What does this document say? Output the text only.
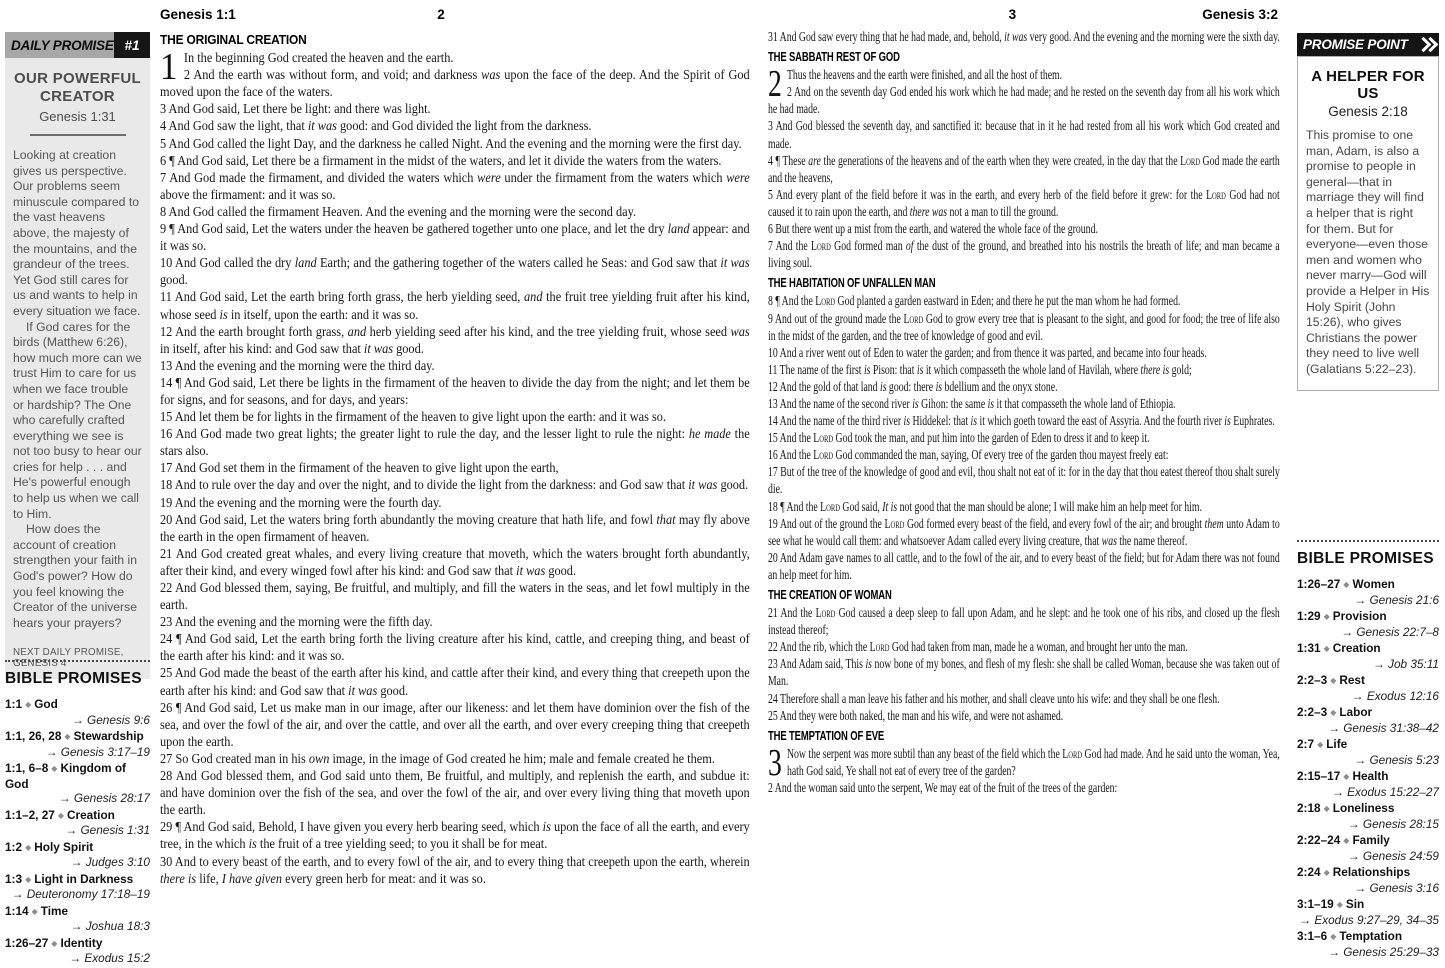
DAILY PROMISE #1
OUR POWERFUL CREATOR
Genesis 1:31

Looking at creation gives us perspective. Our problems seem minuscule compared to the vast heavens above, the majesty of the mountains, and the grandeur of the trees. Yet God still cares for us and wants to help in every situation we face.

If God cares for the birds (Matthew 6:26), how much more can we trust Him to care for us when we face trouble or hardship? The One who carefully crafted everything we see is not too busy to hear our cries for help . . . and He's powerful enough to help us when we call to Him.

How does the account of creation strengthen your faith in God's power? How do you feel knowing the Creator of the universe hears your prayers?

NEXT DAILY PROMISE, GENESIS 4
BIBLE PROMISES
1:1 ◆ God
→ Genesis 9:6
1:1, 26, 28 ◆ Stewardship
→ Genesis 3:17–19
1:1, 6–8 ◆ Kingdom of God
→ Genesis 28:17
1:1–2, 27 ◆ Creation
→ Genesis 1:31
1:2 ◆ Holy Spirit
→ Judges 3:10
1:3 ◆ Light in Darkness
→ Deuteronomy 17:18–19
1:14 ◆ Time
→ Joshua 18:3
1:26–27 ◆ Identity
→ Exodus 15:2
Genesis 1:1	2
THE ORIGINAL CREATION
1 In the beginning God created the heaven and the earth.

2 And the earth was without form, and void; and darkness was upon the face of the deep. And the Spirit of God moved upon the face of the waters.

3 And God said, Let there be light: and there was light.

4 And God saw the light, that it was good: and God divided the light from the darkness.

5 And God called the light Day, and the darkness he called Night. And the evening and the morning were the first day.

6 ¶ And God said, Let there be a firmament in the midst of the waters, and let it divide the waters from the waters.

7 And God made the firmament, and divided the waters which were under the firmament from the waters which were above the firmament: and it was so.

8 And God called the firmament Heaven. And the evening and the morning were the second day.

9 ¶ And God said, Let the waters under the heaven be gathered together unto one place, and let the dry land appear: and it was so.

10 And God called the dry land Earth; and the gathering together of the waters called he Seas: and God saw that it was good.

11 And God said, Let the earth bring forth grass, the herb yielding seed, and the fruit tree yielding fruit after his kind, whose seed is in itself, upon the earth: and it was so.

12 And the earth brought forth grass, and herb yielding seed after his kind, and the tree yielding fruit, whose seed was in itself, after his kind: and God saw that it was good.

13 And the evening and the morning were the third day.

14 ¶ And God said, Let there be lights in the firmament of the heaven to divide the day from the night; and let them be for signs, and for seasons, and for days, and years:

15 And let them be for lights in the firmament of the heaven to give light upon the earth: and it was so.

16 And God made two great lights; the greater light to rule the day, and the lesser light to rule the night: he made the stars also.

17 And God set them in the firmament of the heaven to give light upon the earth,

18 And to rule over the day and over the night, and to divide the light from the darkness: and God saw that it was good.

19 And the evening and the morning were the fourth day.

20 And God said, Let the waters bring forth abundantly the moving creature that hath life, and fowl that may fly above the earth in the open firmament of heaven.

21 And God created great whales, and every living creature that moveth, which the waters brought forth abundantly, after their kind, and every winged fowl after his kind: and God saw that it was good.

22 And God blessed them, saying, Be fruitful, and multiply, and fill the waters in the seas, and let fowl multiply in the earth.

23 And the evening and the morning were the fifth day.

24 ¶ And God said, Let the earth bring forth the living creature after his kind, cattle, and creeping thing, and beast of the earth after his kind: and it was so.

25 And God made the beast of the earth after his kind, and cattle after their kind, and every thing that creepeth upon the earth after his kind: and God saw that it was good.

26 ¶ And God said, Let us make man in our image, after our likeness: and let them have dominion over the fish of the sea, and over the fowl of the air, and over the cattle, and over all the earth, and over every creeping thing that creepeth upon the earth.

27 So God created man in his own image, in the image of God created he him; male and female created he them.

28 And God blessed them, and God said unto them, Be fruitful, and multiply, and replenish the earth, and subdue it: and have dominion over the fish of the sea, and over the fowl of the air, and over every living thing that moveth upon the earth.

29 ¶ And God said, Behold, I have given you every herb bearing seed, which is upon the face of all the earth, and every tree, in the which is the fruit of a tree yielding seed; to you it shall be for meat.

30 And to every beast of the earth, and to every fowl of the air, and to every thing that creepeth upon the earth, wherein there is life, I have given every green herb for meat: and it was so.

3	Genesis 3:2

31 And God saw every thing that he had made, and, behold, it was very good. And the evening and the morning were the sixth day.

THE SABBATH REST OF GOD
2 Thus the heavens and the earth were finished, and all the host of them.

2 And on the seventh day God ended his work which he had made; and he rested on the seventh day from all his work which he had made.

3 And God blessed the seventh day, and sanctified it: because that in it he had rested from all his work which God created and made.

4 ¶ These are the generations of the heavens and of the earth when they were created, in the day that the Lord God made the earth and the heavens,

5 And every plant of the field before it was in the earth, and every herb of the field before it grew: for the Lord God had not caused it to rain upon the earth, and there was not a man to till the ground.

6 But there went up a mist from the earth, and watered the whole face of the ground.

7 And the Lord God formed man of the dust of the ground, and breathed into his nostrils the breath of life; and man became a living soul.

THE HABITATION OF UNFALLEN MAN

8 ¶ And the Lord God planted a garden eastward in Eden; and there he put the man whom he had formed.

9 And out of the ground made the Lord God to grow every tree that is pleasant to the sight, and good for food; the tree of life also in the midst of the garden, and the tree of knowledge of good and evil.

10 And a river went out of Eden to water the garden; and from thence it was parted, and became into four heads.

11 The name of the first is Pison: that is it which compasseth the whole land of Havilah, where there is gold;

12 And the gold of that land is good: there is bdellium and the onyx stone.

13 And the name of the second river is Gihon: the same is it that compasseth the whole land of Ethiopia.

14 And the name of the third river is Hiddekel: that is it which goeth toward the east of Assyria. And the fourth river is Euphrates.

15 And the Lord God took the man, and put him into the garden of Eden to dress it and to keep it.

16 And the Lord God commanded the man, saying, Of every tree of the garden thou mayest freely eat:

17 But of the tree of the knowledge of good and evil, thou shalt not eat of it: for in the day that thou eatest thereof thou shalt surely die.

18 ¶ And the Lord God said, It is not good that the man should be alone; I will make him an help meet for him.

19 And out of the ground the Lord God formed every beast of the field, and every fowl of the air; and brought them unto Adam to see what he would call them: and whatsoever Adam called every living creature, that was the name thereof.

20 And Adam gave names to all cattle, and to the fowl of the air, and to every beast of the field; but for Adam there was not found an help meet for him.

THE CREATION OF WOMAN

21 And the Lord God caused a deep sleep to fall upon Adam, and he slept: and he took one of his ribs, and closed up the flesh instead thereof;

22 And the rib, which the Lord God had taken from man, made he a woman, and brought her unto the man.

23 And Adam said, This is now bone of my bones, and flesh of my flesh: she shall be called Woman, because she was taken out of Man.

24 Therefore shall a man leave his father and his mother, and shall cleave unto his wife: and they shall be one flesh.

25 And they were both naked, the man and his wife, and were not ashamed.

THE TEMPTATION OF EVE
3 Now the serpent was more subtil than any beast of the field which the Lord God had made. And he said unto the woman, Yea, hath God said, Ye shall not eat of every tree of the garden?

2 And the woman said unto the serpent, We may eat of the fruit of the trees of the garden:

PROMISE POINT
A HELPER FOR US
Genesis 2:18
This promise to one man, Adam, is also a promise to people in general—that in marriage they will find a helper that is right for them. But for everyone—even those men and women who never marry—God will provide a Helper in His Holy Spirit (John 15:26), who gives Christians the power they need to live well (Galatians 5:22–23).
BIBLE PROMISES
1:26–27 ◆ Women
→ Genesis 21:6
1:29 ◆ Provision
→ Genesis 22:7–8
1:31 ◆ Creation
→ Job 35:11
2:2–3 ◆ Rest
→ Exodus 12:16
2:2–3 ◆ Labor
→ Genesis 31:38–42
2:7 ◆ Life
→ Genesis 5:23
2:15–17 ◆ Health
→ Exodus 15:22–27
2:18 ◆ Loneliness
→ Genesis 28:15
2:22–24 ◆ Family
→ Genesis 24:59
2:24 ◆ Relationships
→ Genesis 3:16
3:1–19 ◆ Sin
→ Exodus 9:27–29, 34–35
3:1–6 ◆ Temptation
→ Genesis 25:29–33
